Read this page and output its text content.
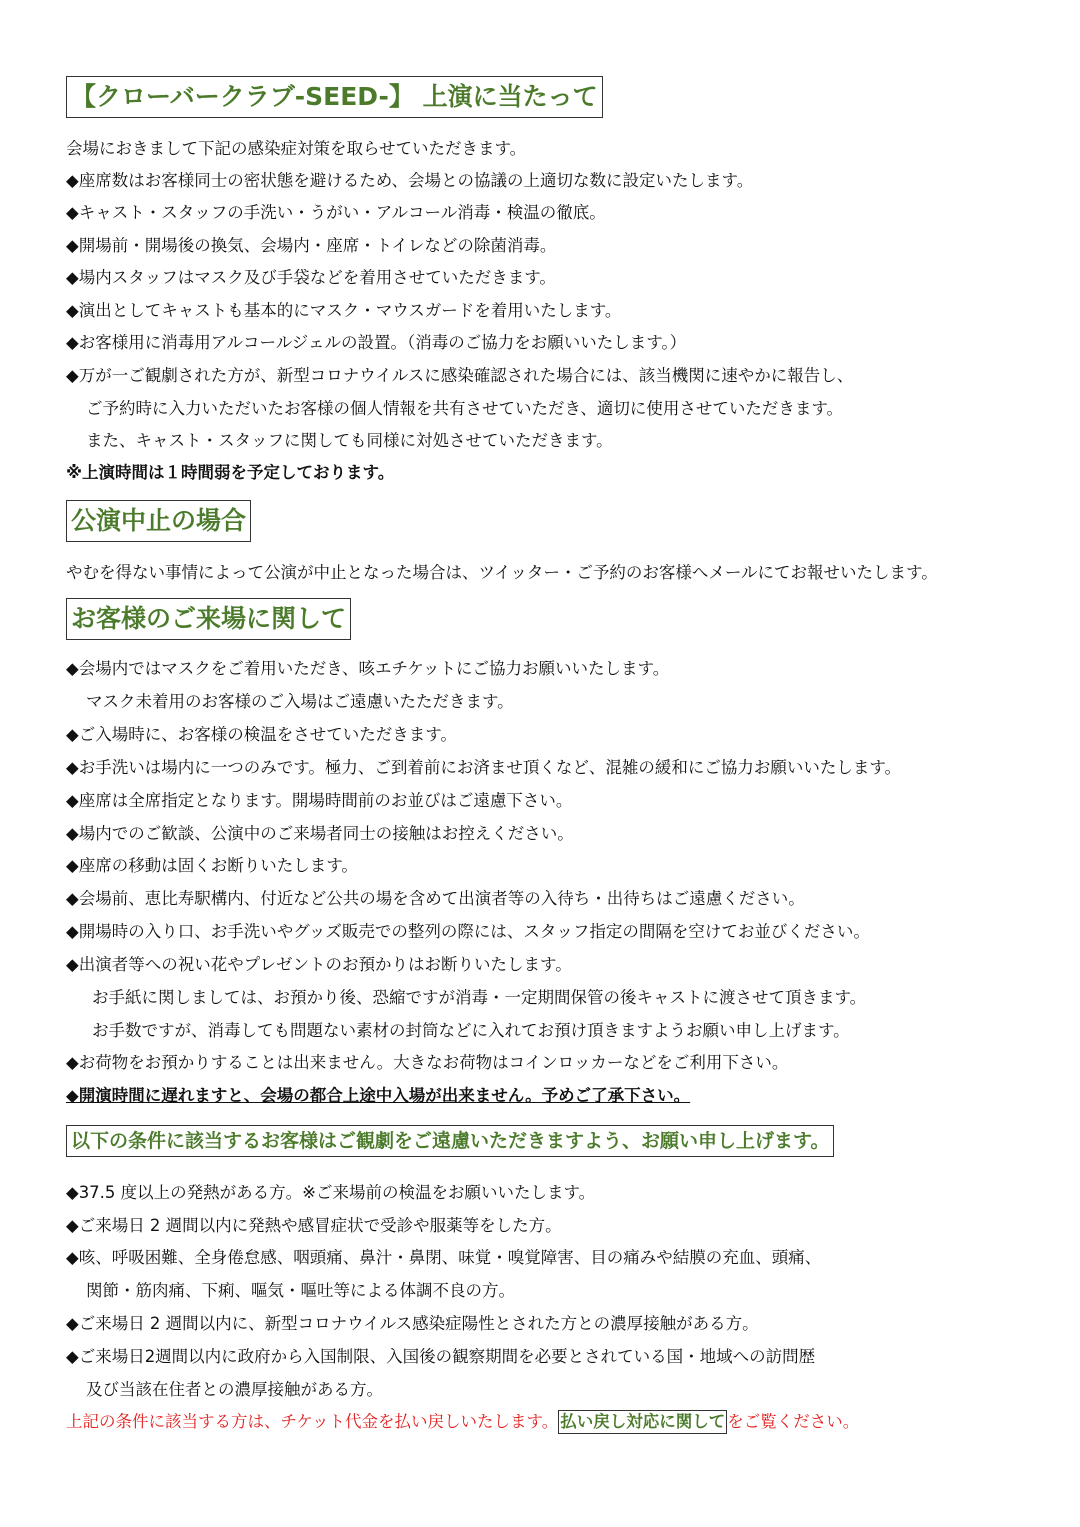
【クローバークラブ-SEED-】 上演に当たって
会場におきまして下記の感染症対策を取らせていただきます。
◆座席数はお客様同士の密状態を避けるため、会場との協議の上適切な数に設定いたします。
◆キャスト・スタッフの手洗い・うがい・アルコール消毒・検温の徹底。
◆開場前・開場後の換気、会場内・座席・トイレなどの除菌消毒。
◆場内スタッフはマスク及び手袋などを着用させていただきます。
◆演出としてキャストも基本的にマスク・マウスガードを着用いたします。
◆お客様用に消毒用アルコールジェルの設置。（消毒のご協力をお願いいたします。）
◆万が一ご観劇された方が、新型コロナウイルスに感染確認された場合には、該当機関に速やかに報告し、
ご予約時に入力いただいたお客様の個人情報を共有させていただき、適切に使用させていただきます。
また、キャスト・スタッフに関しても同様に対処させていただきます。
※上演時間は１時間弱を予定しております。
公演中止の場合
やむを得ない事情によって公演が中止となった場合は、ツイッター・ご予約のお客様へメールにてお報せいたします。
お客様のご来場に関して
◆会場内ではマスクをご着用いただき、咳エチケットにご協力お願いいたします。
マスク未着用のお客様のご入場はご遠慮いたただきます。
◆ご入場時に、お客様の検温をさせていただきます。
◆お手洗いは場内に一つのみです。極力、ご到着前にお済ませ頂くなど、混雑の緩和にご協力お願いいたします。
◆座席は全席指定となります。開場時間前のお並びはご遠慮下さい。
◆場内でのご歓談、公演中のご来場者同士の接触はお控えください。
◆座席の移動は固くお断りいたします。
◆会場前、恵比寿駅構内、付近など公共の場を含めて出演者等の入待ち・出待ちはご遠慮ください。
◆開場時の入り口、お手洗いやグッズ販売での整列の際には、スタッフ指定の間隔を空けてお並びください。
◆出演者等への祝い花やプレゼントのお預かりはお断りいたします。
お手紙に関しましては、お預かり後、恐縮ですが消毒・一定期間保管の後キャストに渡させて頂きます。
お手数ですが、消毒しても問題ない素材の封筒などに入れてお預け頂きますようお願い申し上げます。
◆お荷物をお預かりすることは出来ません。大きなお荷物はコインロッカーなどをご利用下さい。
◆開演時間に遅れますと、会場の都合上途中入場が出来ません。予めご了承下さい。
以下の条件に該当するお客様はご観劇をご遠慮いただきますよう、お願い申し上げます。
◆37.5 度以上の発熱がある方。※ご来場前の検温をお願いいたします。
◆ご来場日 2 週間以内に発熱や感冒症状で受診や服薬等をした方。
◆咳、呼吸困難、全身倦怠感、咽頭痛、鼻汁・鼻閉、味覚・嗅覚障害、目の痛みや結膜の充血、頭痛、
関節・筋肉痛、下痢、嘔気・嘔吐等による体調不良の方。
◆ご来場日 2 週間以内に、新型コロナウイルス感染症陽性とされた方との濃厚接触がある方。
◆ご来場日2週間以内に政府から入国制限、入国後の観察期間を必要とされている国・地域への訪問歴
及び当該在住者との濃厚接触がある方。
上記の条件に該当する方は、チケット代金を払い戻しいたします。 払い戻し対応に関して をご覧ください。
